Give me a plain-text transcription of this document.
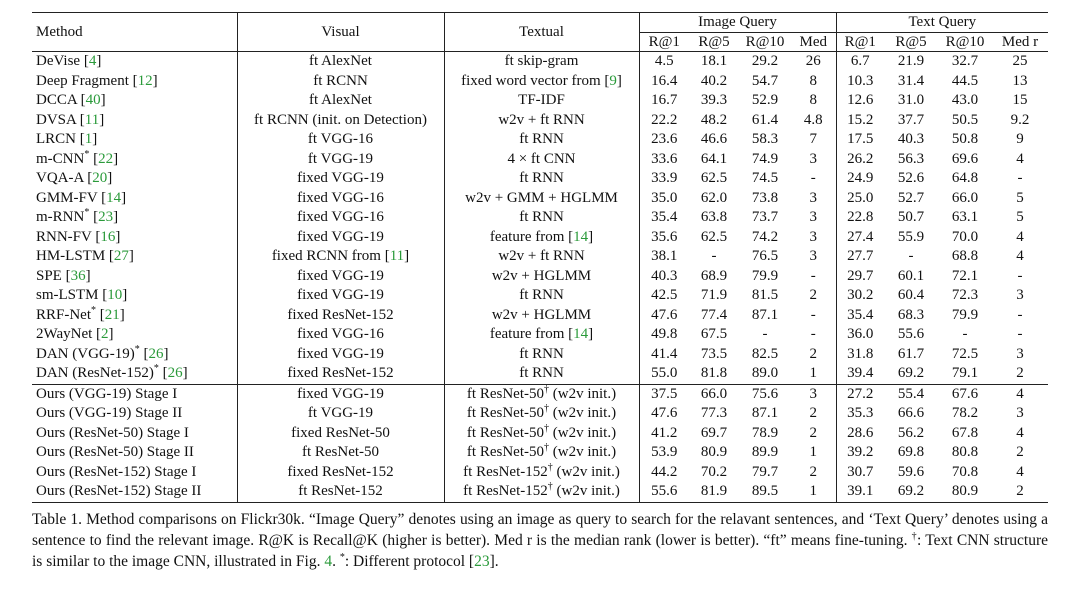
Method	Visual	Textual	Image Query				Text Query			
			R@1	R@5	R@10	Med	R@1	R@5	R@10	Med r
DeVise [4]	ft AlexNet	ft skip-gram	4.5	18.1	29.2	26	6.7	21.9	32.7	25
Deep Fragment [12]	ft RCNN	fixed word vector from [9]	16.4	40.2	54.7	8	10.3	31.4	44.5	13
DCCA [40]	ft AlexNet	TF-IDF	16.7	39.3	52.9	8	12.6	31.0	43.0	15
DVSA [11]	ft RCNN (init. on Detection)	w2v + ft RNN	22.2	48.2	61.4	4.8	15.2	37.7	50.5	9.2
LRCN [1]	ft VGG-16	ft RNN	23.6	46.6	58.3	7	17.5	40.3	50.8	9
m-CNN* [22]	ft VGG-19	4 × ft CNN	33.6	64.1	74.9	3	26.2	56.3	69.6	4
VQA-A [20]	fixed VGG-19	ft RNN	33.9	62.5	74.5	-	24.9	52.6	64.8	-
GMM-FV [14]	fixed VGG-16	w2v + GMM + HGLMM	35.0	62.0	73.8	3	25.0	52.7	66.0	5
m-RNN* [23]	fixed VGG-16	ft RNN	35.4	63.8	73.7	3	22.8	50.7	63.1	5
RNN-FV [16]	fixed VGG-19	feature from [14]	35.6	62.5	74.2	3	27.4	55.9	70.0	4
HM-LSTM [27]	fixed RCNN from [11]	w2v + ft RNN	38.1	-	76.5	3	27.7	-	68.8	4
SPE [36]	fixed VGG-19	w2v + HGLMM	40.3	68.9	79.9	-	29.7	60.1	72.1	-
sm-LSTM [10]	fixed VGG-19	ft RNN	42.5	71.9	81.5	2	30.2	60.4	72.3	3
RRF-Net* [21]	fixed ResNet-152	w2v + HGLMM	47.6	77.4	87.1	-	35.4	68.3	79.9	-
2WayNet [2]	fixed VGG-16	feature from [14]	49.8	67.5	-	-	36.0	55.6	-	-
DAN (VGG-19)* [26]	fixed VGG-19	ft RNN	41.4	73.5	82.5	2	31.8	61.7	72.5	3
DAN (ResNet-152)* [26]	fixed ResNet-152	ft RNN	55.0	81.8	89.0	1	39.4	69.2	79.1	2
Ours (VGG-19) Stage I	fixed VGG-19	ft ResNet-50† (w2v init.)	37.5	66.0	75.6	3	27.2	55.4	67.6	4
Ours (VGG-19) Stage II	ft VGG-19	ft ResNet-50† (w2v init.)	47.6	77.3	87.1	2	35.3	66.6	78.2	3
Ours (ResNet-50) Stage I	fixed ResNet-50	ft ResNet-50† (w2v init.)	41.2	69.7	78.9	2	28.6	56.2	67.8	4
Ours (ResNet-50) Stage II	ft ResNet-50	ft ResNet-50† (w2v init.)	53.9	80.9	89.9	1	39.2	69.8	80.8	2
Ours (ResNet-152) Stage I	fixed ResNet-152	ft ResNet-152† (w2v init.)	44.2	70.2	79.7	2	30.7	59.6	70.8	4
Ours (ResNet-152) Stage II	ft ResNet-152	ft ResNet-152† (w2v init.)	55.6	81.9	89.5	1	39.1	69.2	80.9	2
Table 1. Method comparisons on Flickr30k. “Image Query” denotes using an image as query to search for the relavant sentences, and ‘Text Query’ denotes using a sentence to find the relevant image. R@K is Recall@K (higher is better). Med r is the median rank (lower is better). “ft” means fine-tuning. †: Text CNN structure is similar to the image CNN, illustrated in Fig. 4. *: Different protocol [23].
